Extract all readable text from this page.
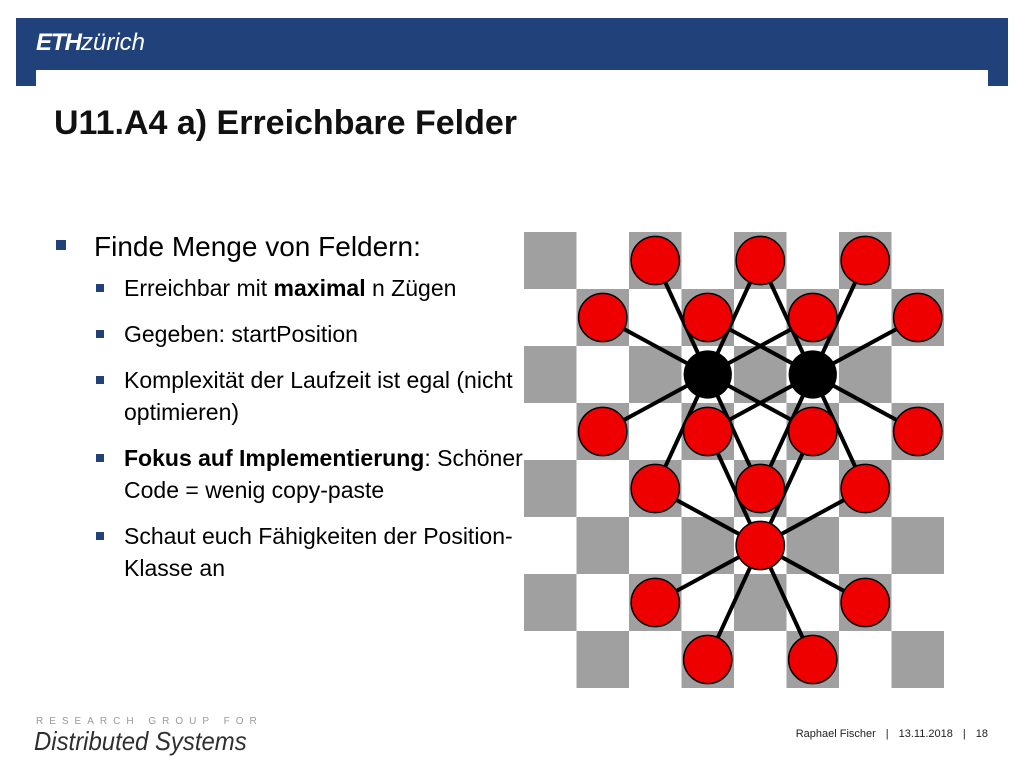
ETHzürich
U11.A4 a) Erreichbare Felder
Finde Menge von Feldern:
Erreichbar mit maximal n Zügen
Gegeben: startPosition
Komplexität der Laufzeit ist egal (nicht optimieren)
Fokus auf Implementierung: Schöner Code = wenig copy-paste
Schaut euch Fähigkeiten der Position-Klasse an
RESEARCH GROUP FOR
Distributed Systems	Raphael Fischer | 13.11.2018 | 18
